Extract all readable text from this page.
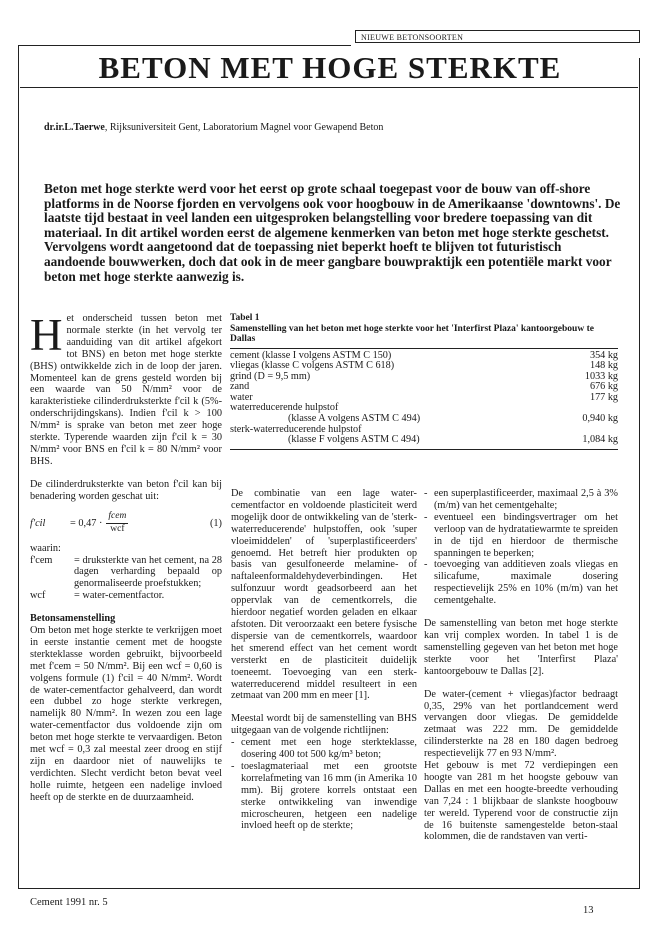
NIEUWE BETONSOORTEN
BETON MET HOGE STERKTE
dr.ir.L.Taerwe, Rijksuniversiteit Gent, Laboratorium Magnel voor Gewapend Beton
Beton met hoge sterkte werd voor het eerst op grote schaal toegepast voor de bouw van off-shore platforms in de Noorse fjorden en vervolgens ook voor hoogbouw in de Amerikaanse 'downtowns'. De laatste tijd bestaat in veel landen een uitgesproken belangstelling voor bredere toepassing van dit materiaal. In dit artikel worden eerst de algemene kenmerken van beton met hoge sterkte geschetst. Vervolgens wordt aangetoond dat de toepassing niet beperkt hoeft te blijven tot futuristisch aandoende bouwwerken, doch dat ook in de meer gangbare bouwpraktijk een potentiële markt voor beton met hoge sterkte aanwezig is.

Het onderscheid tussen beton met normale sterkte (in het vervolg ter aanduiding van dit artikel afgekort tot BNS) en beton met hoge sterkte (BHS) ontwikkelde zich in de loop der jaren. Momenteel kan de grens gesteld worden bij een waarde van 50 N/mm² voor de karakteristieke cilinderdruksterkte f'cil k (5%-onderschrijdingskans). Indien f'cil k > 100 N/mm² is sprake van beton met zeer hoge sterkte. Typerende waarden zijn f'cil k = 30 N/mm² voor BNS en f'cil k = 80 N/mm² voor BHS.

De cilinderdruksterkte van beton f'cil kan bij benadering worden geschat uit:

f'cil	= $0,47 \cdot \frac{\text{fcem}}{\text{wcf}}$	(1)

waarin:

f'cem	= druksterkte van het cement, na 28 dagen verharding bepaald op genormaliseerde proefstukken;
wcf	= water-cementfactor.

Betonsamenstelling

Om beton met hoge sterkte te verkrijgen moet in eerste instantie cement met de hoogste sterkteklasse worden gebruikt, bijvoorbeeld met f'cem = 50 N/mm². Bij een wcf = 0,60 is volgens formule (1) f'cil = 40 N/mm². Wordt de water-cementfactor gehalveerd, dan wordt een dubbel zo hoge sterkte verkregen, namelijk 80 N/mm². In wezen zou een lage water-cementfactor dus voldoende zijn om beton met hoge sterkte te vervaardigen. Beton met wcf = 0,3 zal meestal zeer droog en stijf zijn en daardoor niet of nauwelijks te verdichten. Slecht verdicht beton bevat veel holle ruimte, hetgeen een nadelige invloed heeft op de sterkte en de duurzaamheid.

Tabel 1
Samenstelling van het beton met hoge sterkte voor het 'Interfirst Plaza' kantoorgebouw te Dallas
cement (klasse I volgens ASTM C 150)	354 kg
vliegas (klasse C volgens ASTM C 618)	148 kg
grind (D = 9,5 mm)	1033 kg
zand	676 kg
water	177 kg
waterreducerende hulpstof
(klasse A volgens ASTM C 494)	0,940 kg
sterk-waterreducerende hulpstof
(klasse F volgens ASTM C 494)	1,084 kg

De combinatie van een lage water-cementfactor en voldoende plasticiteit werd mogelijk door de ontwikkeling van de 'sterk-waterreducerende' hulpstoffen, ook 'super vloeimiddelen' of 'superplastificeerders' genoemd. Het betreft hier produkten op basis van gesulfoneerde melamine- of naftaleenformaldehydeverbindingen. Het sulfonzuur wordt geadsorbeerd aan het oppervlak van de cementkorrels, die hierdoor negatief worden geladen en elkaar afstoten. Dit veroorzaakt een betere fysische dispersie van de cementkorrels, waardoor het smerend effect van het cement wordt versterkt en de plasticiteit duidelijk toeneemt. Toevoeging van een sterk-waterreducerend middel resulteert in een zetmaat van 200 mm en meer [1].

Meestal wordt bij de samenstelling van BHS uitgegaan van de volgende richtlijnen:

- cement met een hoge sterkteklasse, dosering 400 tot 500 kg/m³ beton;
- toeslagmateriaal met een grootste korrelafmeting van 16 mm (in Amerika 10 mm). Bij grotere korrels ontstaat een sterke ontwikkeling van inwendige microscheuren, hetgeen een nadelige invloed heeft op de sterkte;
- een superplastificeerder, maximaal 2,5 à 3% (m/m) van het cementgehalte;
- eventueel een bindingsvertrager om het verloop van de hydratatiewarmte te spreiden in de tijd en hierdoor de thermische spanningen te beperken;
- toevoeging van additieven zoals vliegas en silicafume, maximale dosering respectievelijk 25% en 10% (m/m) van het cementgehalte.

De samenstelling van beton met hoge sterkte kan vrij complex worden. In tabel 1 is de samenstelling gegeven van het beton met hoge sterkte voor het 'Interfirst Plaza' kantoorgebouw te Dallas [2].

De water-(cement + vliegas)factor bedraagt 0,35, 29% van het portlandcement werd vervangen door vliegas. De gemiddelde zetmaat was 222 mm. De gemiddelde cilindersterkte na 28 en 180 dagen bedroeg respectievelijk 77 en 93 N/mm².

Het gebouw is met 72 verdiepingen een hoogte van 281 m het hoogste gebouw van Dallas en met een hoogte-breedte verhouding van 7,24 : 1 blijkbaar de slankste hoogbouw ter wereld. Typerend voor de constructie zijn de 16 buitenste samengestelde beton-staal kolommen, die de randstaven van verti-

Cement 1991 nr. 5
13
